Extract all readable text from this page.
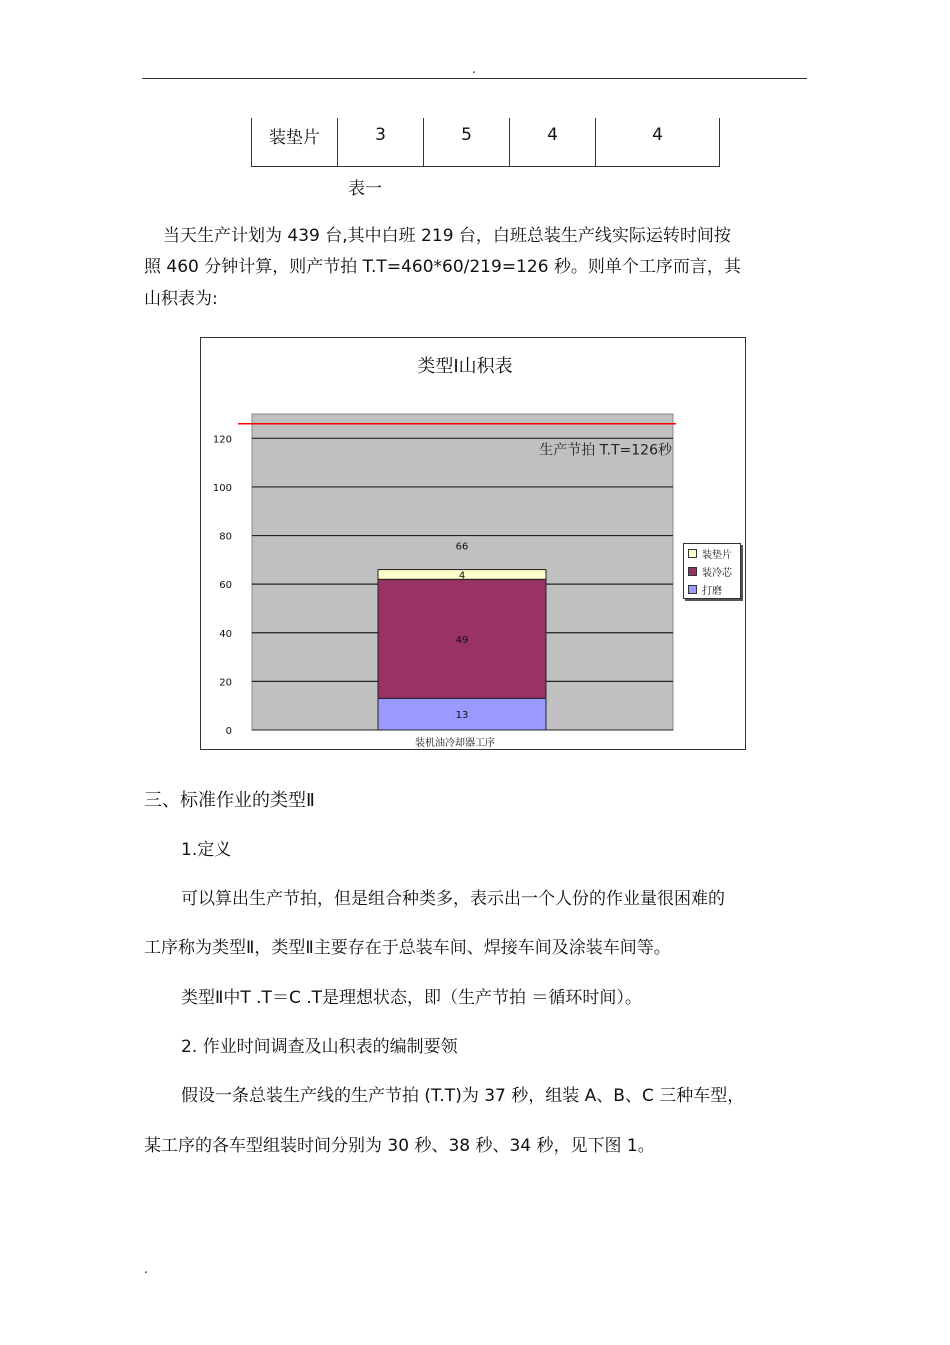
.
装垫片	3	5	4	4
表一
当天生产计划为 439 台,其中白班 219 台，白班总装生产线实际运转时间按
照 460 分钟计算，则产节拍 T.T=460*60/219=126 秒。则单个工序而言，其
山积表为:
类型Ⅰ山积表
0
20
40
60
80
100
120
13
49
4
66
装机油冷却器工序
生产节拍 T.T=126秒
装垫片
装冷芯
打磨
三、标准作业的类型Ⅱ
1.定义
可以算出生产节拍，但是组合种类多，表示出一个人份的作业量很困难的
工序称为类型Ⅱ，类型Ⅱ主要存在于总装车间、焊接车间及涂装车间等。
类型Ⅱ中T .T＝C .T是理想状态，即（生产节拍 ＝循环时间）。
2. 作业时间调查及山积表的编制要领
假设一条总装生产线的生产节拍 (T.T)为 37 秒，组装 A、B、C 三种车型，
某工序的各车型组装时间分别为 30 秒、38 秒、34 秒，见下图 1。
.
